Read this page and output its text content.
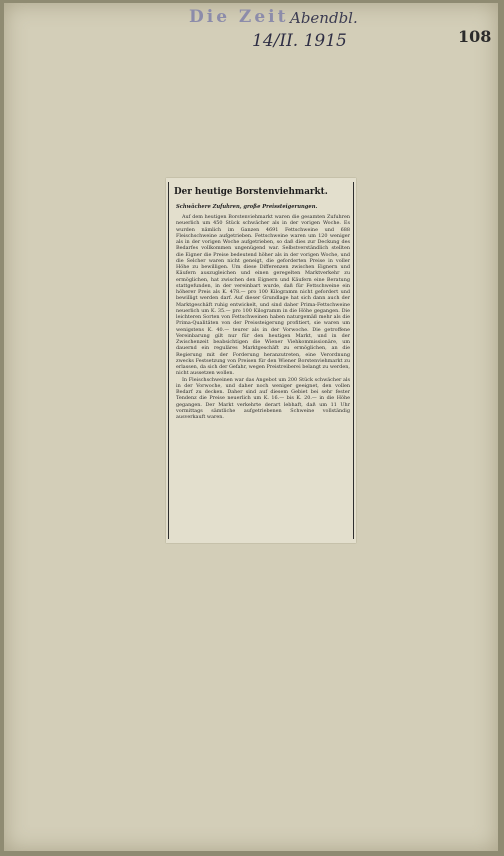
Die Zeit Abendbl.
14/II. 1915	108
Der heutige Borstenviehmarkt.
Schwächere Zufuhren, große Preissteigerungen.

Auf dem heutigen Borstenviehmarkt waren die gesamten Zufuhren neuerlich um 450 Stück schwächer als in der vorigen Woche. Es wurden nämlich im Ganzen 4691 Fettschweine und 688 Fleischschweine aufgetrieben. Fettschweine waren um 120 weniger als in der vorigen Woche aufgetrieben, so daß dies zur Deckung des Bedarfes vollkommen ungenügend war. Selbstverständlich stellten die Eigner die Preise bedeutend höher als in der vorigen Woche, und die Selcher waren nicht geneigt, die geforderten Preise in voller Höhe zu bewilligen. Um diese Differenzen zwischen Eignern und Käufern auszugleichen und einen geregelten Marktverkehr zu ermöglichen, hat zwischen den Eignern und Käufern eine Beratung stattgefunden, in der vereinbart wurde, daß für Fettschweine ein höherer Preis als K. 478.— pro 100 Kilogramm nicht gefordert und bewilligt werden darf. Auf dieser Grundlage hat sich dann auch der Marktgeschäft ruhig entwickelt, und sind daher Prima-Fettschweine neuerlich um K. 35.— pro 100 Kilogramm in die Höhe gegangen. Die leichteren Sorten von Fettschweinen haben naturgemäß mehr als die Prima-Qualitäten von der Preissteigerung profitiert, sie waren um wenigstens K. 40.— teurer als in der Vorwoche. Die getroffene Vereinbarung gilt nur für den heutigen Markt, und in der Zwischenzeit beabsichtigen die Wiener Viehkommissionäre, um dauernd ein reguläres Marktgeschäft zu ermöglichen, an die Regierung mit der Forderung heranzutreten, eine Verordnung zwecks Festsetzung von Preisen für den Wiener Borstenviehmarkt zu erlassen, da sich der Gefahr, wegen Preistreiberei belangt zu werden, nicht aussetzen wollen.

In Fleischschweinen war das Angebot um 200 Stück schwächer als in der Vorwoche, und daher noch weniger geeignet, den vollen Bedarf zu decken. Daher sind auf diesem Gebiet bei sehr fester Tendenz die Preise neuerlich um K. 16.— bis K. 20.— in die Höhe gegangen. Der Markt verkehrte derart lebhaft, daß um 11 Uhr vormittags sämtliche aufgetriebenen Schweine vollständig ausverkauft waren.
